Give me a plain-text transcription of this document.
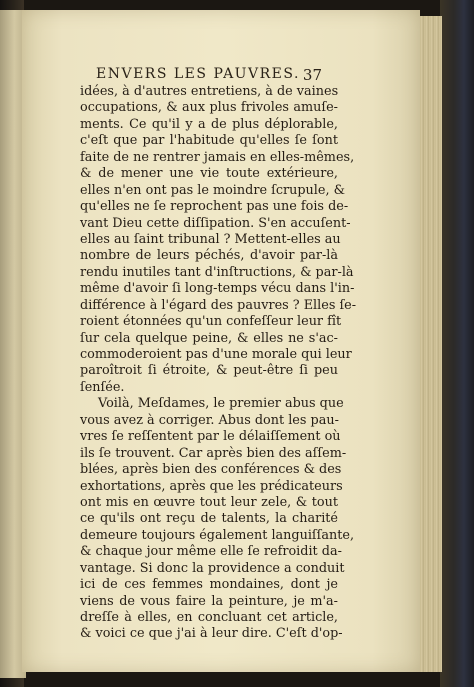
ENVERS LES PAUVRES. 37
idées, à d'autres entretiens, à de vaines
occupations, & aux plus frivoles amuſe-
ments. Ce qu'il y a de plus déplorable,
c'eſt que par l'habitude qu'elles ſe ſont
faite de ne rentrer jamais en elles-mêmes,
& de mener une vie toute extérieure,
elles n'en ont pas le moindre ſcrupule, &
qu'elles ne ſe reprochent pas une fois de-
vant Dieu cette diſſipation. S'en accuſent-
elles au ſaint tribunal ? Mettent-elles au
nombre de leurs péchés, d'avoir par-là
rendu inutiles tant d'inſtructions, & par-là
même d'avoir ſi long-temps vécu dans l'in-
différence à l'égard des pauvres ? Elles ſe-
roient étonnées qu'un confeſſeur leur fît
ſur cela quelque peine, & elles ne s'ac-
commoderoient pas d'une morale qui leur
paroîtroit ſi étroite, & peut-être ſi peu
ſenſée.
Voilà, Meſdames, le premier abus que
vous avez à corriger. Abus dont les pau-
vres ſe reſſentent par le délaiſſement où
ils ſe trouvent. Car après bien des aſſem-
blées, après bien des conférences & des
exhortations, après que les prédicateurs
ont mis en œuvre tout leur zele, & tout
ce qu'ils ont reçu de talents, la charité
demeure toujours également languiſſante,
& chaque jour même elle ſe refroidit da-
vantage. Si donc la providence a conduit
ici de ces femmes mondaines, dont je
viens de vous faire la peinture, je m'a-
dreſſe à elles, en concluant cet article,
& voici ce que j'ai à leur dire. C'eſt d'op-
